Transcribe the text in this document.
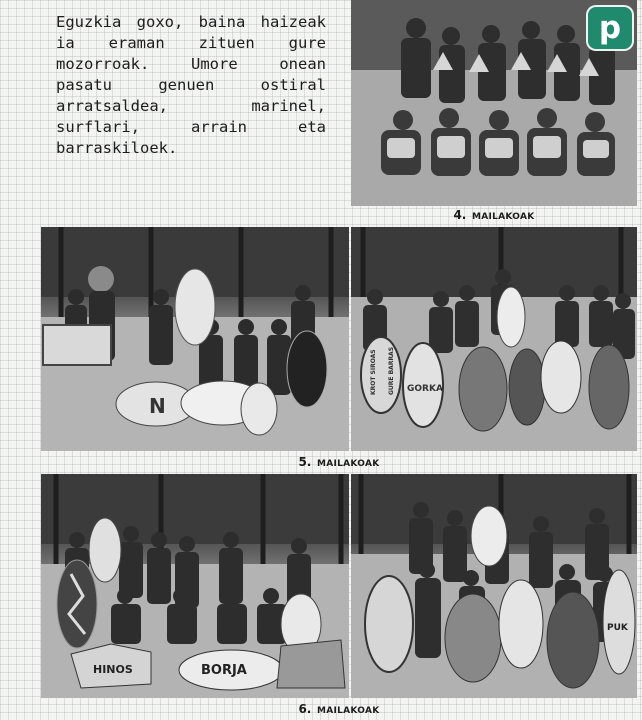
Eguzkia goxo, baina haizeak ia eraman zituen gure mozorroak. Umore onean pasatu genuen ostiral arratsaldea, marinel, surflari, arrain eta barraskiloek.
p
4. MAILAKOAK
N
KROT SIROAS GURE BARRAS GORKA
5. MAILAKOAK
HINOS	BORJA
PUK
6. MAILAKOAK
